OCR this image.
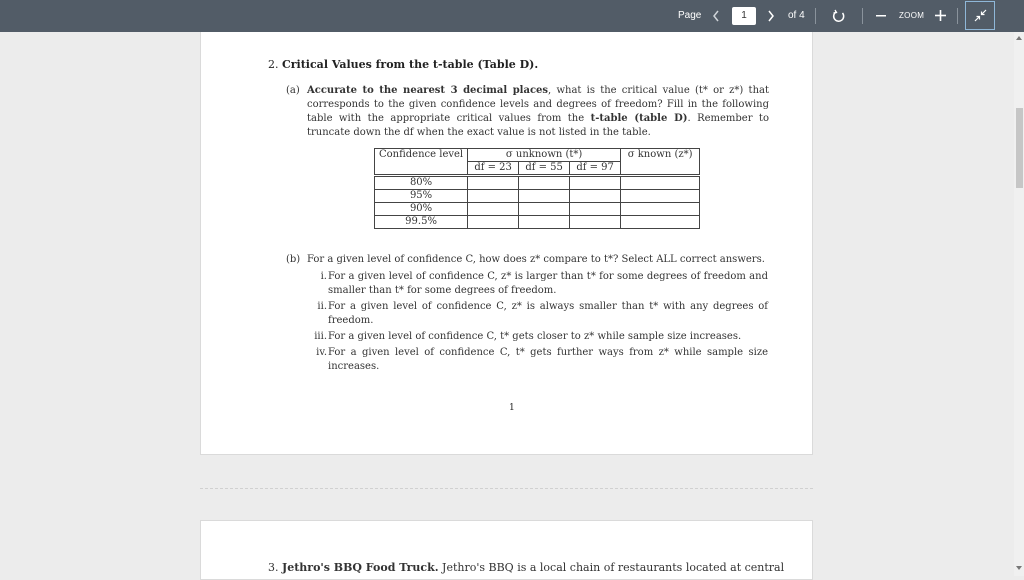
Page	1	of 4	ZOOM
2. Critical Values from the t-table (Table D).
(a) Accurate to the nearest 3 decimal places, what is the critical value (t* or z*) that corresponds to the given confidence levels and degrees of freedom? Fill in the following table with the appropriate critical values from the t-table (table D). Remember to truncate down the df when the exact value is not listed in the table.
Confidence level	σ unknown (t*)			σ known (z*)
	df = 23	df = 55	df = 97	

80%				
95%				
90%				
99.5%				
(b) For a given level of confidence C, how does z* compare to t*? Select ALL correct answers.
i. For a given level of confidence C, z* is larger than t* for some degrees of freedom and smaller than t* for some degrees of freedom.
ii. For a given level of confidence C, z* is always smaller than t* with any degrees of freedom.
iii. For a given level of confidence C, t* gets closer to z* while sample size increases.
iv. For a given level of confidence C, t* gets further ways from z* while sample size increases.
1
3. Jethro's BBQ Food Truck. Jethro's BBQ is a local chain of restaurants located at central
